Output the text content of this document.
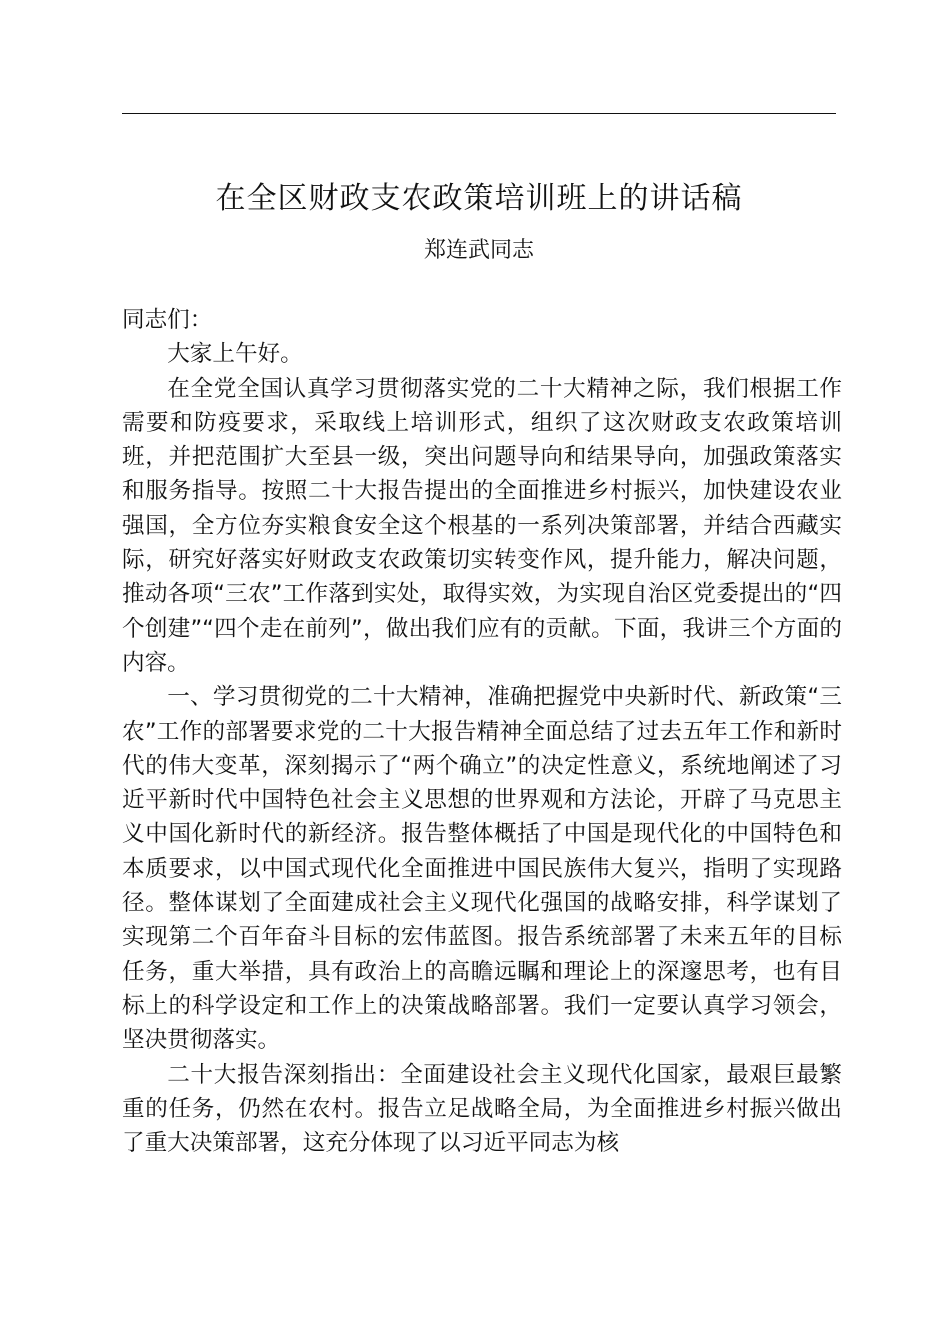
在全区财政支农政策培训班上的讲话稿
郑连武同志

同志们：

大家上午好。

在全党全国认真学习贯彻落实党的二十大精神之际，我们根据工作需要和防疫要求，采取线上培训形式，组织了这次财政支农政策培训班，并把范围扩大至县一级，突出问题导向和结果导向，加强政策落实和服务指导。按照二十大报告提出的全面推进乡村振兴，加快建设农业强国，全方位夯实粮食安全这个根基的一系列决策部署，并结合西藏实际，研究好落实好财政支农政策切实转变作风，提升能力，解决问题，推动各项“三农”工作落到实处，取得实效，为实现自治区党委提出的“四个创建”“四个走在前列”，做出我们应有的贡献。下面，我讲三个方面的内容。

一、学习贯彻党的二十大精神，准确把握党中央新时代、新政策“三农”工作的部署要求党的二十大报告精神全面总结了过去五年工作和新时代的伟大变革，深刻揭示了“两个确立”的决定性意义，系统地阐述了习近平新时代中国特色社会主义思想的世界观和方法论，开辟了马克思主义中国化新时代的新经济。报告整体概括了中国是现代化的中国特色和本质要求，以中国式现代化全面推进中国民族伟大复兴，指明了实现路径。整体谋划了全面建成社会主义现代化强国的战略安排，科学谋划了实现第二个百年奋斗目标的宏伟蓝图。报告系统部署了未来五年的目标任务，重大举措，具有政治上的高瞻远瞩和理论上的深邃思考，也有目标上的科学设定和工作上的决策战略部署。我们一定要认真学习领会，坚决贯彻落实。

二十大报告深刻指出：全面建设社会主义现代化国家，最艰巨最繁重的任务，仍然在农村。报告立足战略全局，为全面推进乡村振兴做出了重大决策部署，这充分体现了以习近平同志为核
